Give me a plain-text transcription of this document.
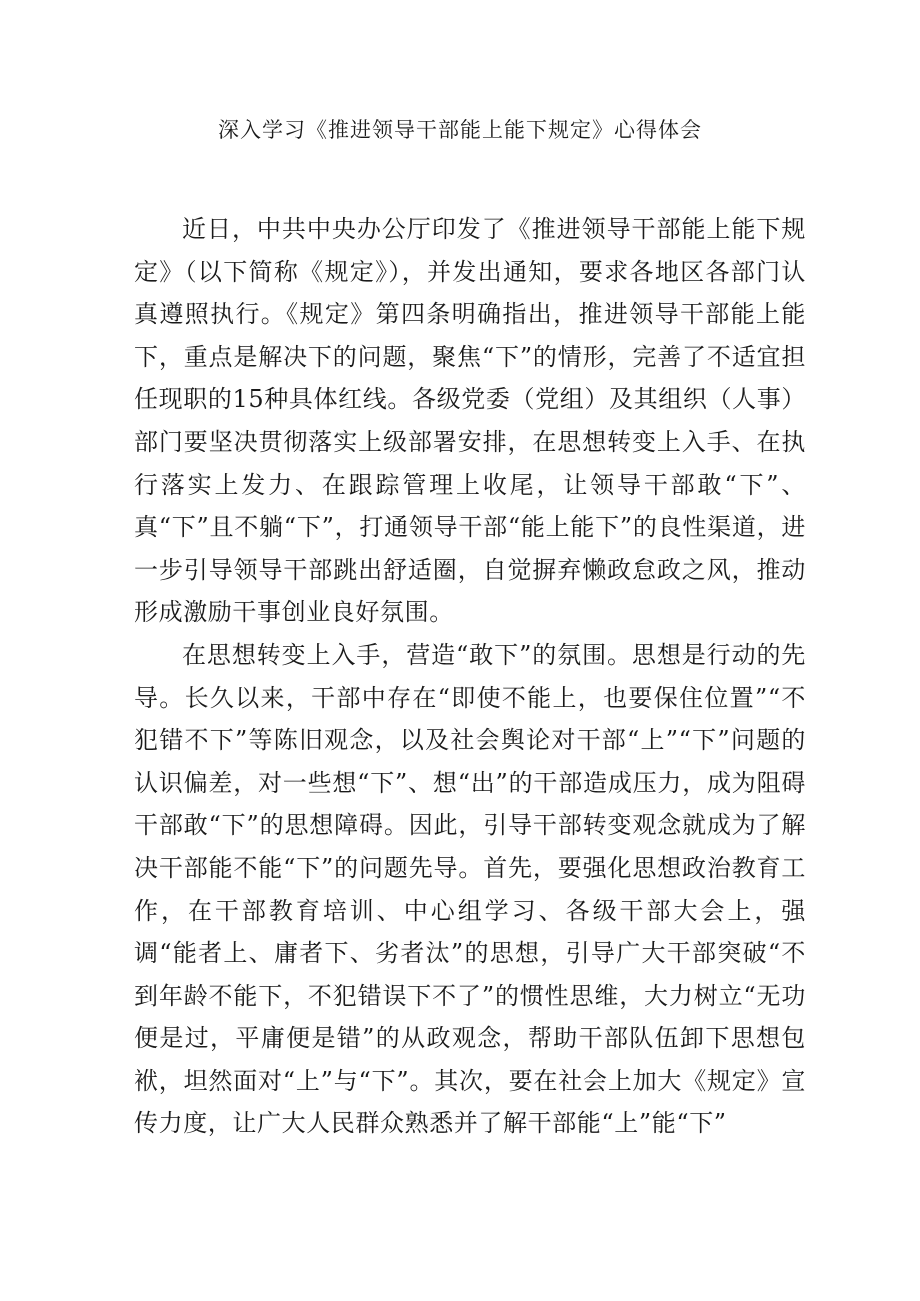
深入学习《推进领导干部能上能下规定》心得体会

近日，中共中央办公厅印发了《推进领导干部能上能下规定》（以下简称《规定》），并发出通知，要求各地区各部门认真遵照执行。《规定》第四条明确指出，推进领导干部能上能下，重点是解决下的问题，聚焦“下”的情形，完善了不适宜担任现职的15种具体红线。各级党委（党组）及其组织（人事）部门要坚决贯彻落实上级部署安排，在思想转变上入手、在执行落实上发力、在跟踪管理上收尾，让领导干部敢“下”、真“下”且不躺“下”，打通领导干部“能上能下”的良性渠道，进一步引导领导干部跳出舒适圈，自觉摒弃懒政怠政之风，推动形成激励干事创业良好氛围。

在思想转变上入手，营造“敢下”的氛围。思想是行动的先导。长久以来，干部中存在“即使不能上，也要保住位置”“不犯错不下”等陈旧观念，以及社会舆论对干部“上”“下”问题的认识偏差，对一些想“下”、想“出”的干部造成压力，成为阻碍干部敢“下”的思想障碍。因此，引导干部转变观念就成为了解决干部能不能“下”的问题先导。首先，要强化思想政治教育工作，在干部教育培训、中心组学习、各级干部大会上，强调“能者上、庸者下、劣者汰”的思想，引导广大干部突破“不到年龄不能下，不犯错误下不了”的惯性思维，大力树立“无功便是过，平庸便是错”的从政观念，帮助干部队伍卸下思想包袱，坦然面对“上”与“下”。其次，要在社会上加大《规定》宣传力度，让广大人民群众熟悉并了解干部能“上”能“下”
